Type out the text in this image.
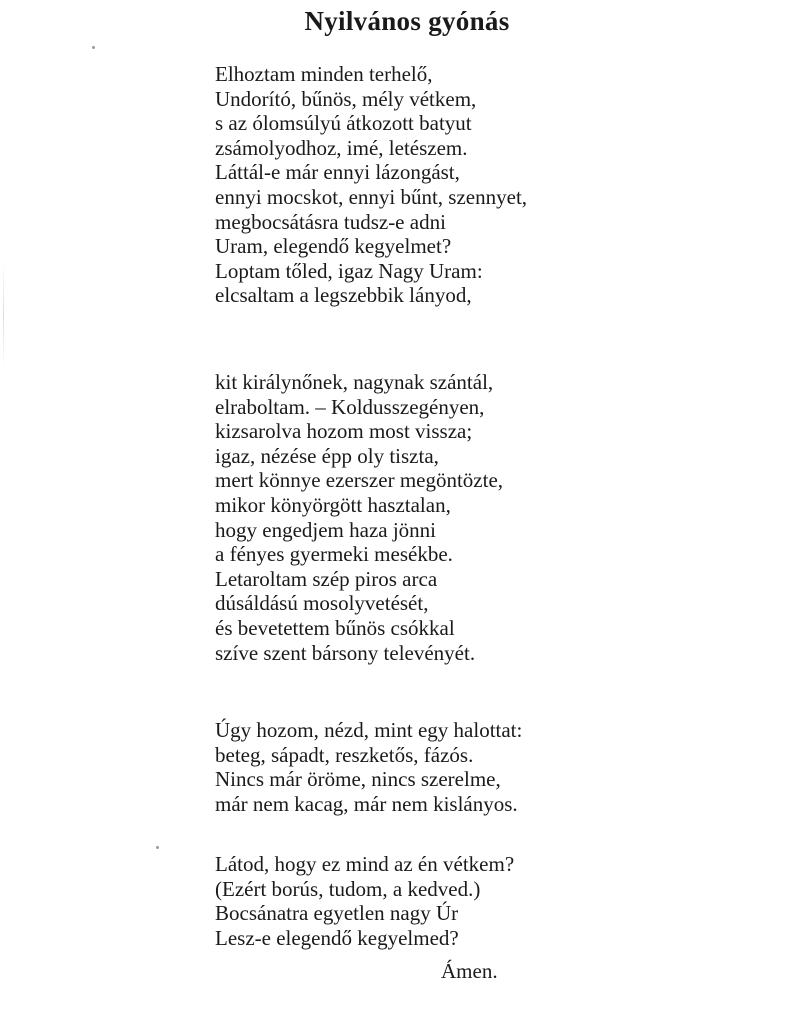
Nyilvános gyónás

Elhoztam minden terhelő,
Undorító, bűnös, mély vétkem,
s az ólomsúlyú átkozott batyut
zsámolyodhoz, imé, letészem.
Láttál-e már ennyi lázongást,
ennyi mocskot, ennyi bűnt, szennyet,
megbocsátásra tudsz-e adni
Uram, elegendő kegyelmet?
Loptam tőled, igaz Nagy Uram:
elcsaltam a legszebbik lányod,

kit királynőnek, nagynak szántál,
elraboltam. – Koldusszegényen,
kizsarolva hozom most vissza;
igaz, nézése épp oly tiszta,
mert könnye ezerszer megöntözte,
mikor könyörgött hasztalan,
hogy engedjem haza jönni
a fényes gyermeki mesékbe.
Letaroltam szép piros arca
dúsáldású mosolyvetését,
és bevetettem bűnös csókkal
szíve szent bársony televényét.

Úgy hozom, nézd, mint egy halottat:
beteg, sápadt, reszketős, fázós.
Nincs már öröme, nincs szerelme,
már nem kacag, már nem kislányos.

Látod, hogy ez mind az én vétkem?
(Ezért borús, tudom, a kedved.)
Bocsánatra egyetlen nagy Úr
Lesz-e elegendő kegyelmed?

Ámen.
